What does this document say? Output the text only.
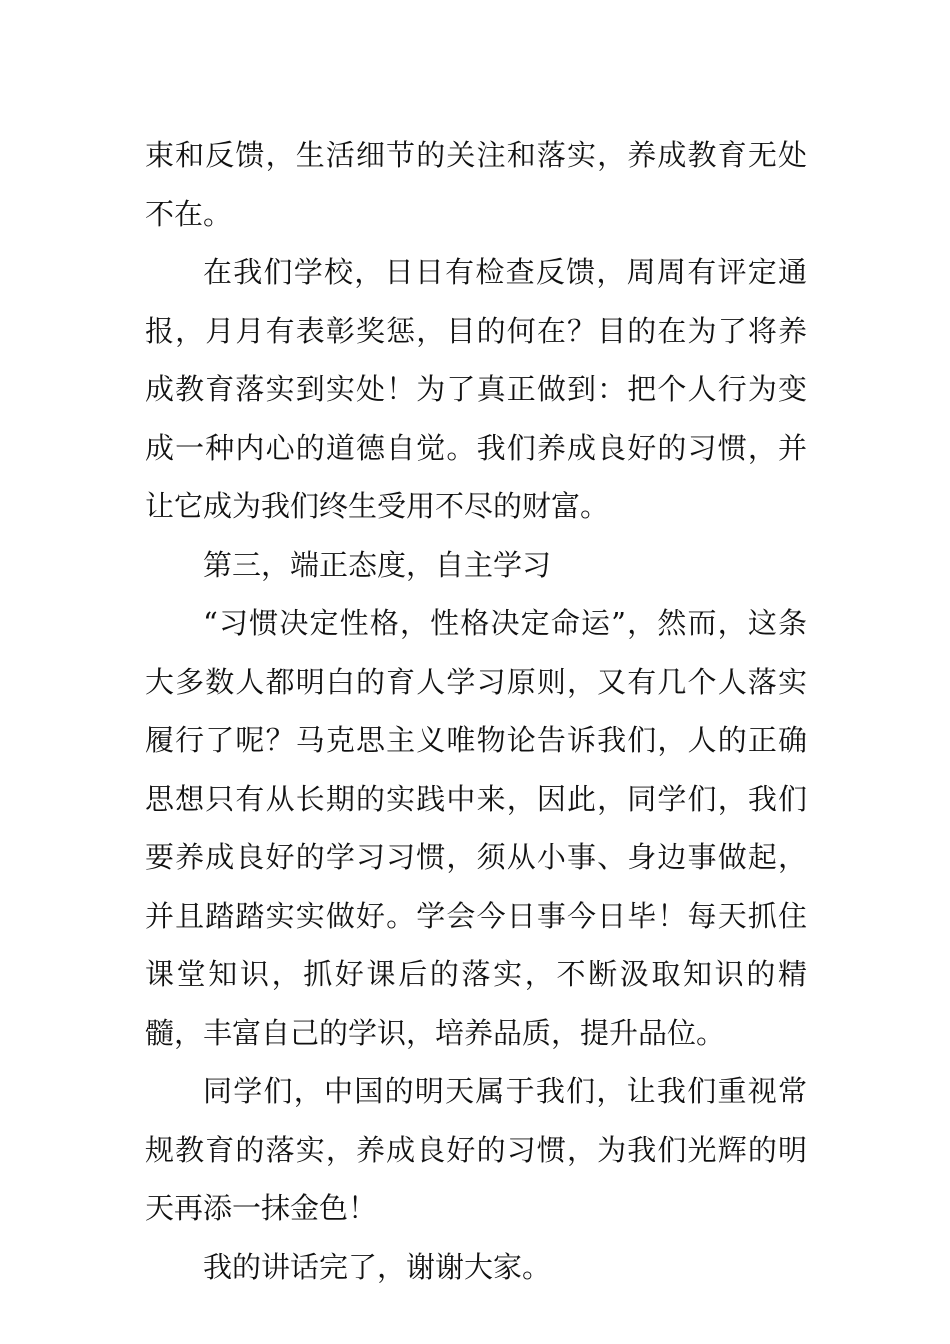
束和反馈，生活细节的关注和落实，养成教育无处不在。

在我们学校，日日有检查反馈，周周有评定通报，月月有表彰奖惩，目的何在？目的在为了将养成教育落实到实处！为了真正做到：把个人行为变成一种内心的道德自觉。我们养成良好的习惯，并让它成为我们终生受用不尽的财富。

第三，端正态度，自主学习

“习惯决定性格，性格决定命运”，然而，这条大多数人都明白的育人学习原则，又有几个人落实履行了呢？马克思主义唯物论告诉我们，人的正确思想只有从长期的实践中来，因此，同学们，我们要养成良好的学习习惯，须从小事、身边事做起，并且踏踏实实做好。学会今日事今日毕！每天抓住课堂知识，抓好课后的落实，不断汲取知识的精髓，丰富自己的学识，培养品质，提升品位。

同学们，中国的明天属于我们，让我们重视常规教育的落实，养成良好的习惯，为我们光辉的明天再添一抹金色！

我的讲话完了，谢谢大家。
